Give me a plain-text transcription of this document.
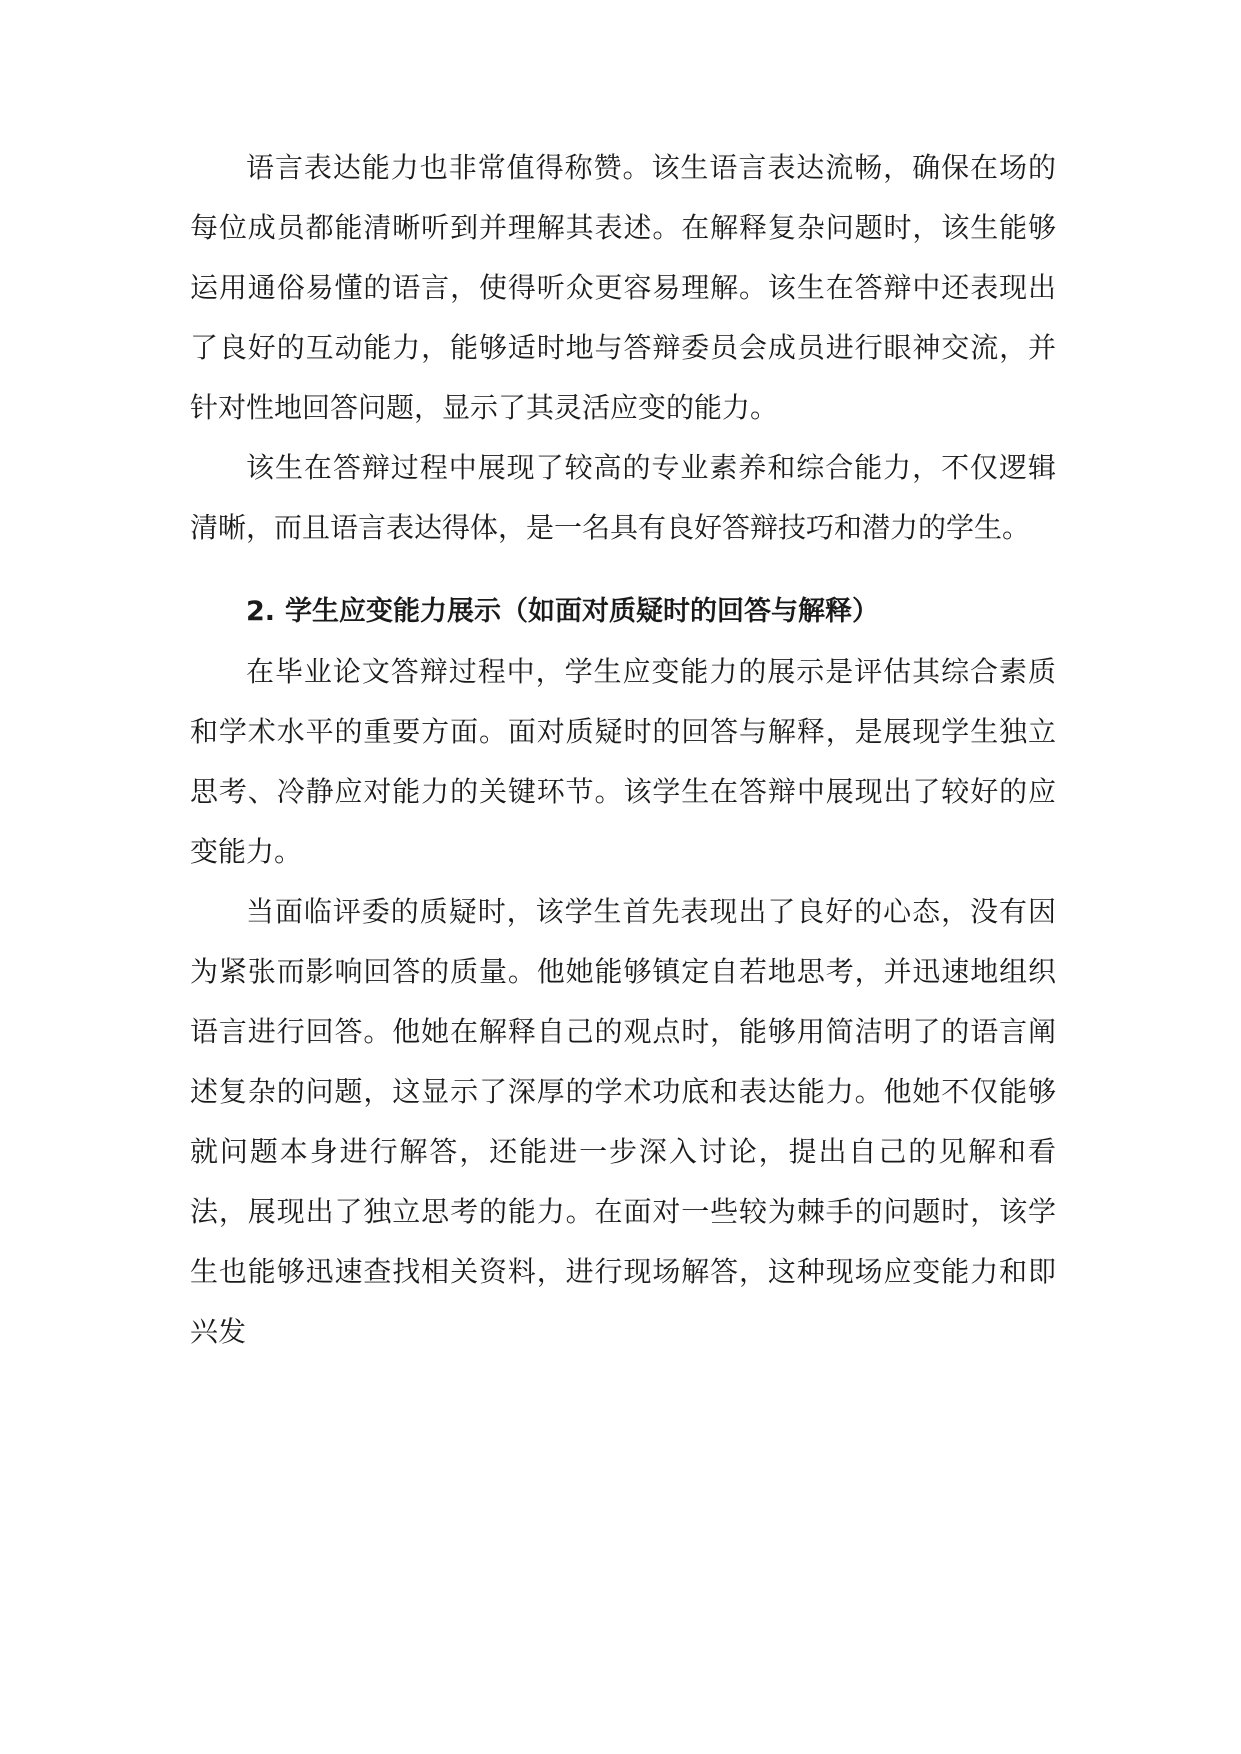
语言表达能力也非常值得称赞。该生语言表达流畅，确保在场的每位成员都能清晰听到并理解其表述。在解释复杂问题时，该生能够运用通俗易懂的语言，使得听众更容易理解。该生在答辩中还表现出了良好的互动能力，能够适时地与答辩委员会成员进行眼神交流，并针对性地回答问题，显示了其灵活应变的能力。

该生在答辩过程中展现了较高的专业素养和综合能力，不仅逻辑清晰，而且语言表达得体，是一名具有良好答辩技巧和潜力的学生。

2. 学生应变能力展示（如面对质疑时的回答与解释）

在毕业论文答辩过程中，学生应变能力的展示是评估其综合素质和学术水平的重要方面。面对质疑时的回答与解释，是展现学生独立思考、冷静应对能力的关键环节。该学生在答辩中展现出了较好的应变能力。

当面临评委的质疑时，该学生首先表现出了良好的心态，没有因为紧张而影响回答的质量。他她能够镇定自若地思考，并迅速地组织语言进行回答。他她在解释自己的观点时，能够用简洁明了的语言阐述复杂的问题，这显示了深厚的学术功底和表达能力。他她不仅能够就问题本身进行解答，还能进一步深入讨论，提出自己的见解和看法，展现出了独立思考的能力。在面对一些较为棘手的问题时，该学生也能够迅速查找相关资料，进行现场解答，这种现场应变能力和即兴发
